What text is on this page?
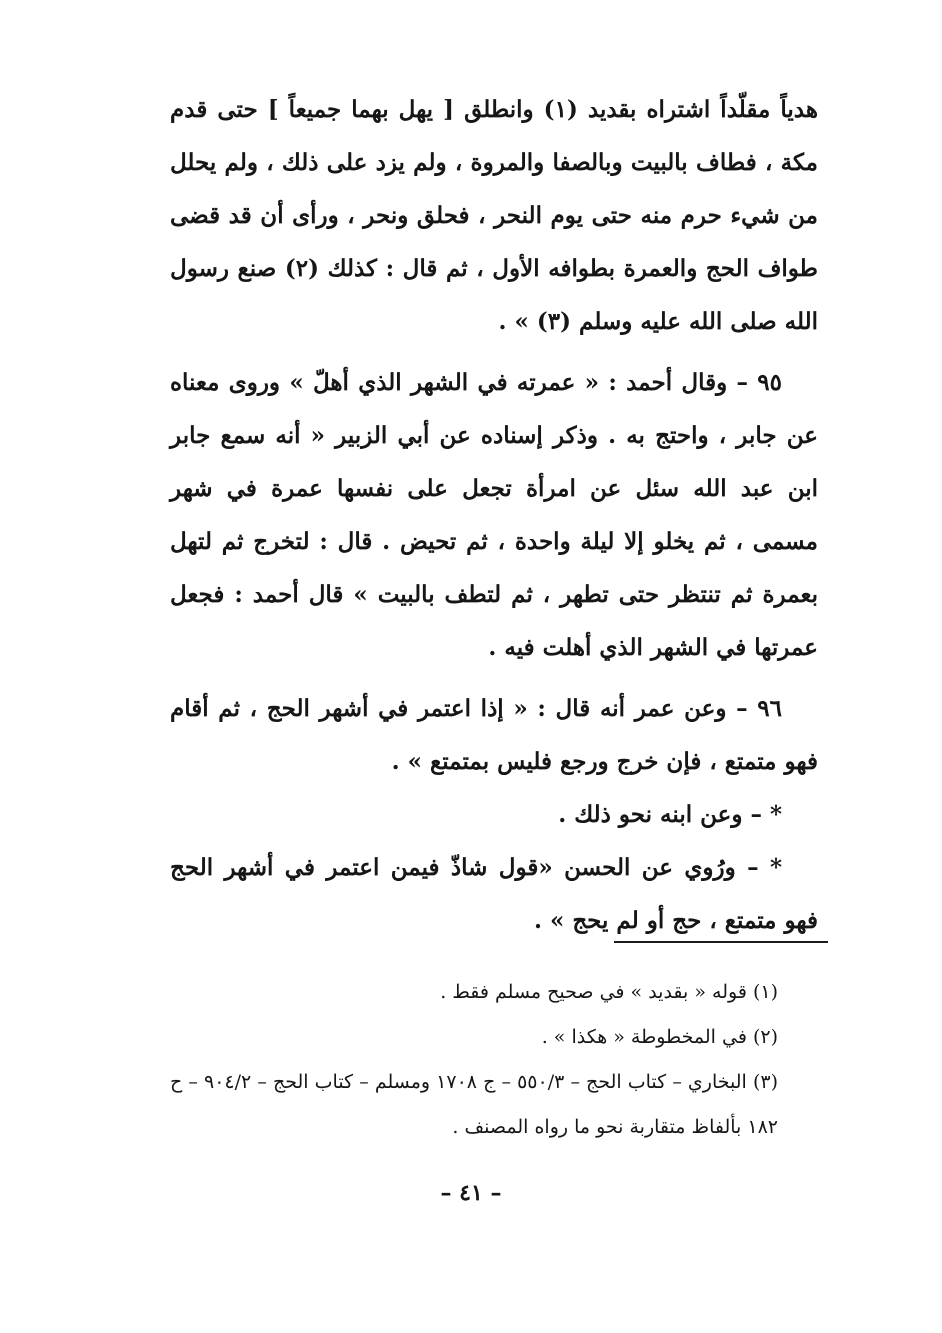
هدياً مقلّداً اشتراه بقديد (١) وانطلق [ يهل بهما جميعاً ] حتى قدم مكة ، فطاف بالبيت وبالصفا والمروة ، ولم يزد على ذلك ، ولم يحلل من شيء حرم منه حتى يوم النحر ، فحلق ونحر ، ورأى أن قد قضى طواف الحج والعمرة بطوافه الأول ، ثم قال : كذلك (٢) صنع رسول الله صلى الله عليه وسلم (٣) » .

٩٥ – وقال أحمد : « عمرته في الشهر الذي أهلّ » وروى معناه عن جابر ، واحتج به . وذكر إسناده عن أبي الزبير « أنه سمع جابر ابن عبد الله سئل عن امرأة تجعل على نفسها عمرة في شهر مسمى ، ثم يخلو إلا ليلة واحدة ، ثم تحيض . قال : لتخرج ثم لتهل بعمرة ثم تنتظر حتى تطهر ، ثم لتطف بالبيت » قال أحمد : فجعل عمرتها في الشهر الذي أهلت فيه .

٩٦ – وعن عمر أنه قال : « إذا اعتمر في أشهر الحج ، ثم أقام فهو متمتع ، فإن خرج ورجع فليس بمتمتع » .

* – وعن ابنه نحو ذلك .

* – ورُوي عن الحسن «قول شاذّ فيمن اعتمر في أشهر الحج فهو متمتع ، حج أو لم يحج » .

(١) قوله « بقديد » في صحيح مسلم فقط .

(٢) في المخطوطة « هكذا » .

(٣) البخاري – كتاب الحج – ٥٥٠/٣ – ج ١٧٠٨ ومسلم – كتاب الحج – ٩٠٤/٢ – ح ١٨٢ بألفاظ متقاربة نحو ما رواه المصنف .

– ٤١ –
